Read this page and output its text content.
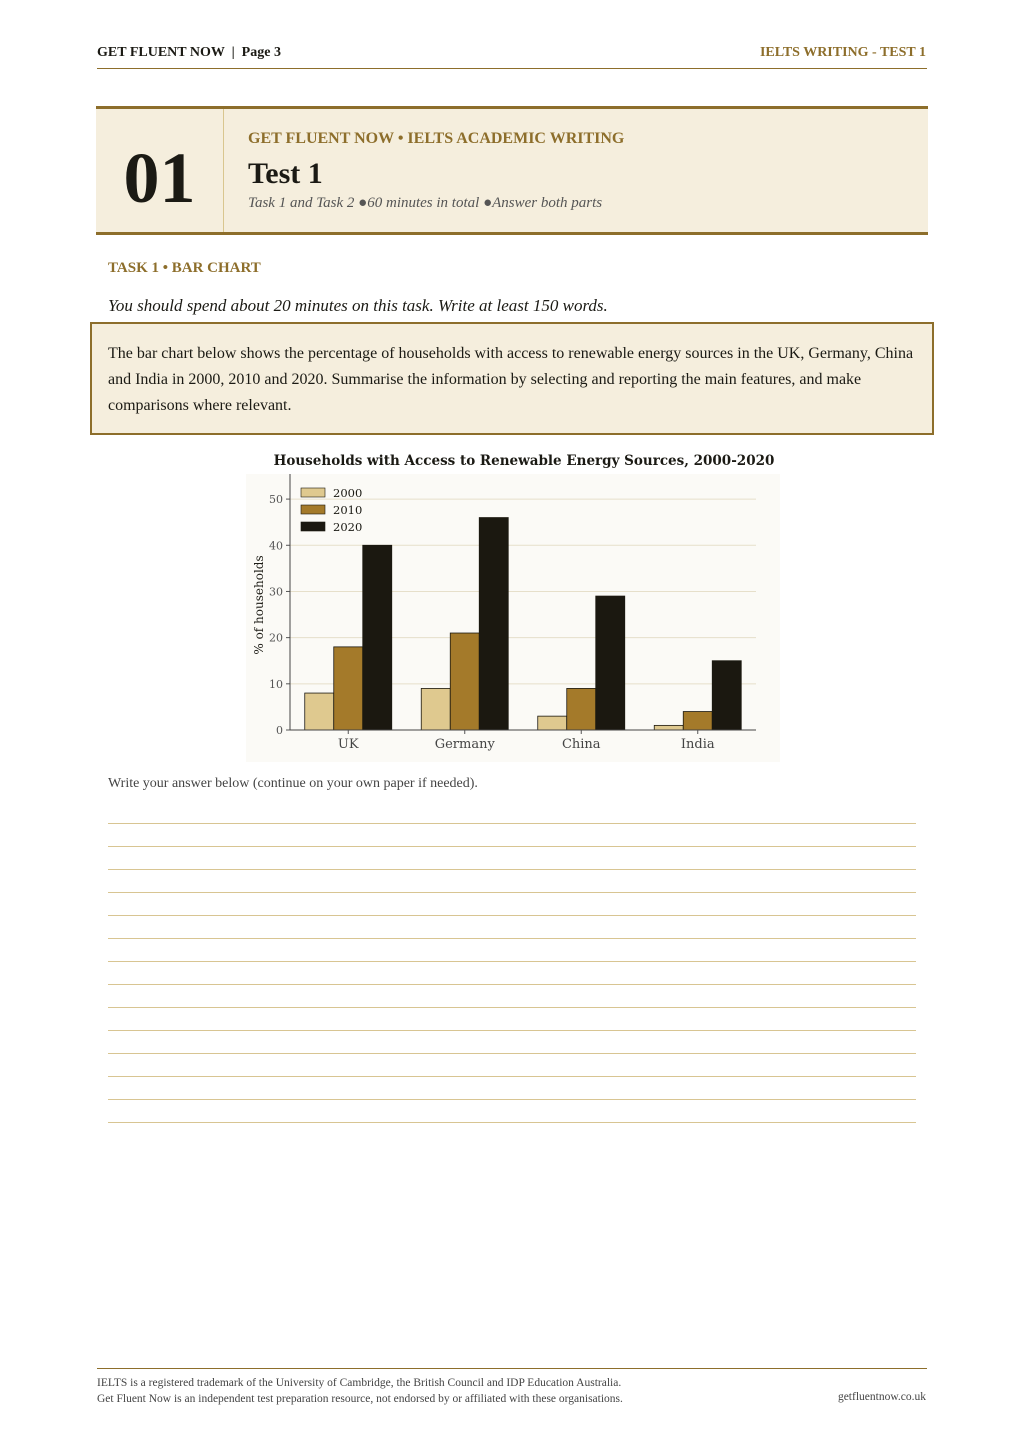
GET FLUENT NOW  |  Page 3	IELTS WRITING - TEST 1
01	GET FLUENT NOW • IELTS ACADEMIC WRITING
Test 1
Task 1 and Task 2 ●60 minutes in total ●Answer both parts
TASK 1 • BAR CHART
You should spend about 20 minutes on this task. Write at least 150 words.
The bar chart below shows the percentage of households with access to renewable energy sources in the UK, Germany, China and India in 2000, 2010 and 2020. Summarise the information by selecting and reporting the main features, and make comparisons where relevant.
Households with Access to Renewable Energy Sources, 2000-2020
% of households
0
10
20
30
40
50
UK	Germany	China	India
2000
2010
2020
Write your answer below (continue on your own paper if needed).
IELTS is a registered trademark of the University of Cambridge, the British Council and IDP Education Australia.
Get Fluent Now is an independent test preparation resource, not endorsed by or affiliated with these organisations.	getfluentnow.co.uk
